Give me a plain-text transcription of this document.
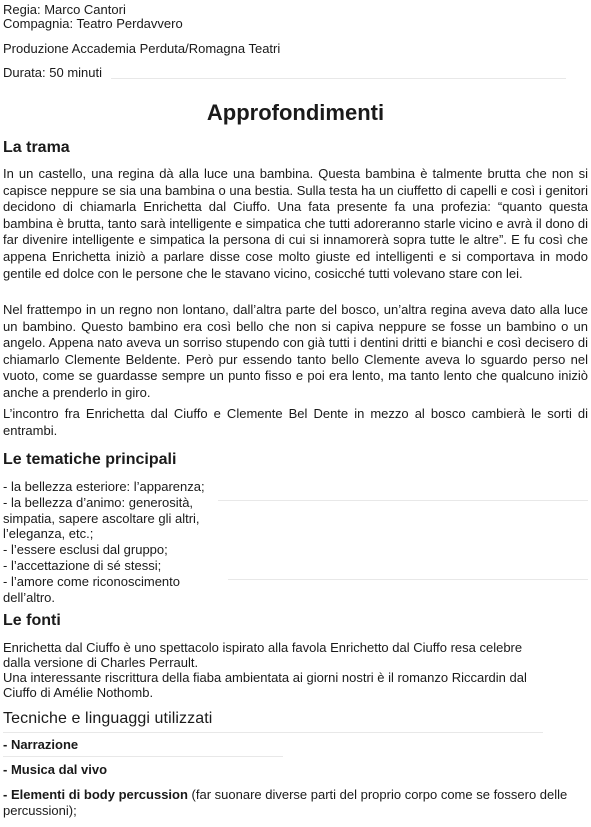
Regia: Marco Cantori

Compagnia: Teatro Perdavvero

Produzione Accademia Perduta/Romagna Teatri

Durata: 50 minuti

Approfondimenti
La trama

In un castello, una regina dà alla luce una bambina. Questa bambina è talmente brutta che non si capisce neppure se sia una bambina o una bestia. Sulla testa ha un ciuffetto di capelli e così i genitori decidono di chiamarla Enrichetta dal Ciuffo. Una fata presente fa una profezia: “quanto questa bambina è brutta, tanto sarà intelligente e simpatica che tutti adoreranno starle vicino e avrà il dono di far divenire intelligente e simpatica la persona di cui si innamorerà sopra tutte le altre”. E fu così che appena Enrichetta iniziò a parlare disse cose molto giuste ed intelligenti e si comportava in modo gentile ed dolce con le persone che le stavano vicino, cosicché tutti volevano stare con lei.

Nel frattempo in un regno non lontano, dall’altra parte del bosco, un’altra regina aveva dato alla luce un bambino. Questo bambino era così bello che non si capiva neppure se fosse un bambino o un angelo. Appena nato aveva un sorriso stupendo con già tutti i dentini dritti e bianchi e così decisero di chiamarlo Clemente Beldente. Però pur essendo tanto bello Clemente aveva lo sguardo perso nel vuoto, come se guardasse sempre un punto fisso e poi era lento, ma tanto lento che qualcuno iniziò anche a prenderlo in giro.

L’incontro fra Enrichetta dal Ciuffo e Clemente Bel Dente in mezzo al bosco cambierà le sorti di entrambi.

Le tematiche principali
- la bellezza esteriore: l’apparenza;
- la bellezza d’animo: generosità,
simpatia, sapere ascoltare gli altri,
l’eleganza, etc.;
- l’essere esclusi dal gruppo;
- l’accettazione di sé stessi;
- l’amore come riconoscimento
dell’altro.
Le fonti

Enrichetta dal Ciuffo è uno spettacolo ispirato alla favola Enrichetto dal Ciuffo resa celebre

dalla versione di Charles Perrault.

Una interessante riscrittura della fiaba ambientata ai giorni nostri è il romanzo Riccardin dal

Ciuffo di Amélie Nothomb.

Tecniche e linguaggi utilizzati

- Narrazione

- Musica dal vivo

- Elementi di body percussion (far suonare diverse parti del proprio corpo come se fossero delle percussioni);
